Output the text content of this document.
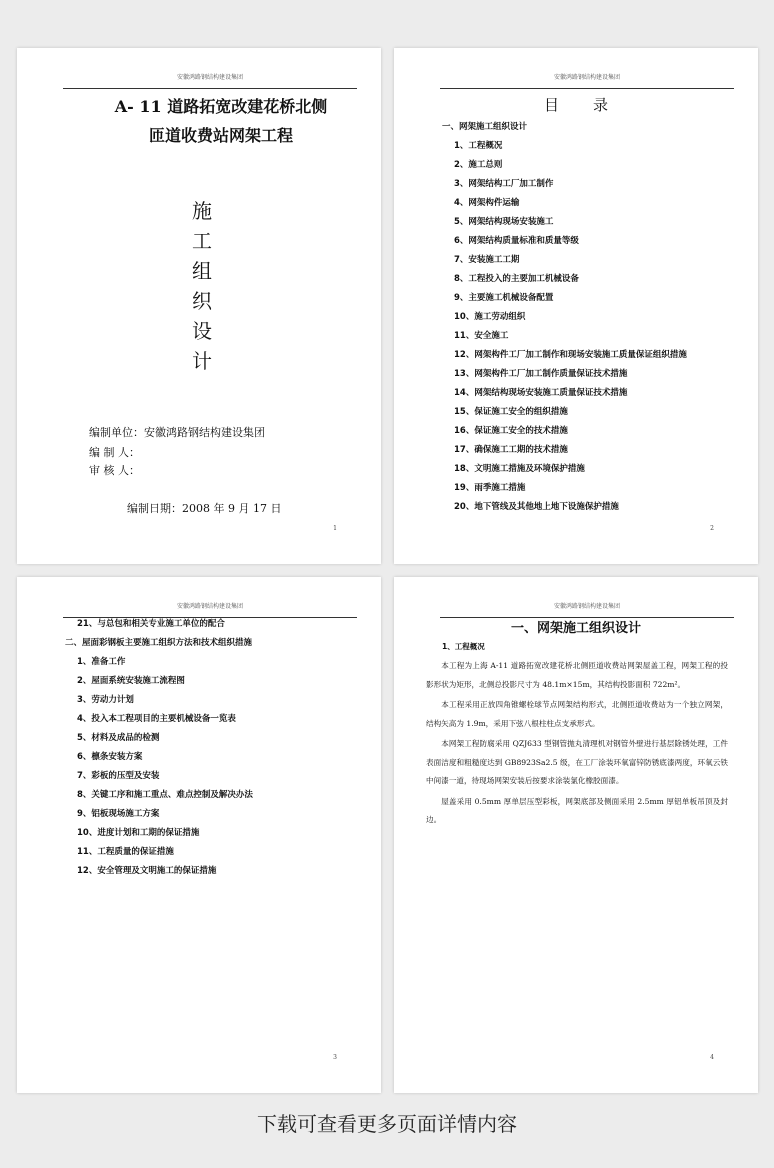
安徽鸿路钢结构建设集团
A- 11 道路拓宽改建花桥北侧
匝道收费站网架工程
施
工
组
织
设
计
编制单位：安徽鸿路钢结构建设集团
编 制 人：
审 核 人：
编制日期：2008 年 9 月 17 日
1
安徽鸿路钢结构建设集团
目录
一、网架施工组织设计
1、工程概况
2、施工总则
3、网架结构工厂加工制作
4、网架构件运输
5、网架结构现场安装施工
6、网架结构质量标准和质量等级
7、安装施工工期
8、工程投入的主要加工机械设备
9、主要施工机械设备配置
10、施工劳动组织
11、安全施工
12、网架构件工厂加工制作和现场安装施工质量保证组织措施
13、网架构件工厂加工制作质量保证技术措施
14、网架结构现场安装施工质量保证技术措施
15、保证施工安全的组织措施
16、保证施工安全的技术措施
17、确保施工工期的技术措施
18、文明施工措施及环境保护措施
19、雨季施工措施
20、地下管线及其他地上地下设施保护措施
2
安徽鸿路钢结构建设集团
21、与总包和相关专业施工单位的配合
二、屋面彩钢板主要施工组织方法和技术组织措施
1、准备工作
2、屋面系统安装施工流程图
3、劳动力计划
4、投入本工程项目的主要机械设备一览表
5、材料及成品的检测
6、檩条安装方案
7、彩板的压型及安装
8、关键工序和施工重点、难点控制及解决办法
9、铝板现场施工方案
10、进度计划和工期的保证措施
11、工程质量的保证措施
12、安全管理及文明施工的保证措施
3
安徽鸿路钢结构建设集团
一、网架施工组织设计
1、工程概况

本工程为上海 A-11 道路拓宽改建花桥北侧匝道收费站网架屋盖工程，网架工程的投影形状为矩形，北侧总投影尺寸为 48.1m×15m，其结构投影面积 722m²。

本工程采用正放四角锥螺栓球节点网架结构形式，北侧匝道收费站为一个独立网架，结构矢高为 1.9m，采用下弦八根柱柱点支承形式。

本网架工程防腐采用 QZJ633 型钢管抛丸清理机对钢管外壁进行基层除锈处理，工件表面洁度和粗糙度达到 GB8923Sa2.5 级，在工厂涂装环氧富锌防锈底漆两度，环氧云铁中间漆一道，待现场网架安装后按要求涂装氯化橡胶面漆。

屋盖采用 0.5mm 厚单层压型彩板，网架底部及侧面采用 2.5mm 厚铝单板吊顶及封边。

4
下载可查看更多页面详情内容
